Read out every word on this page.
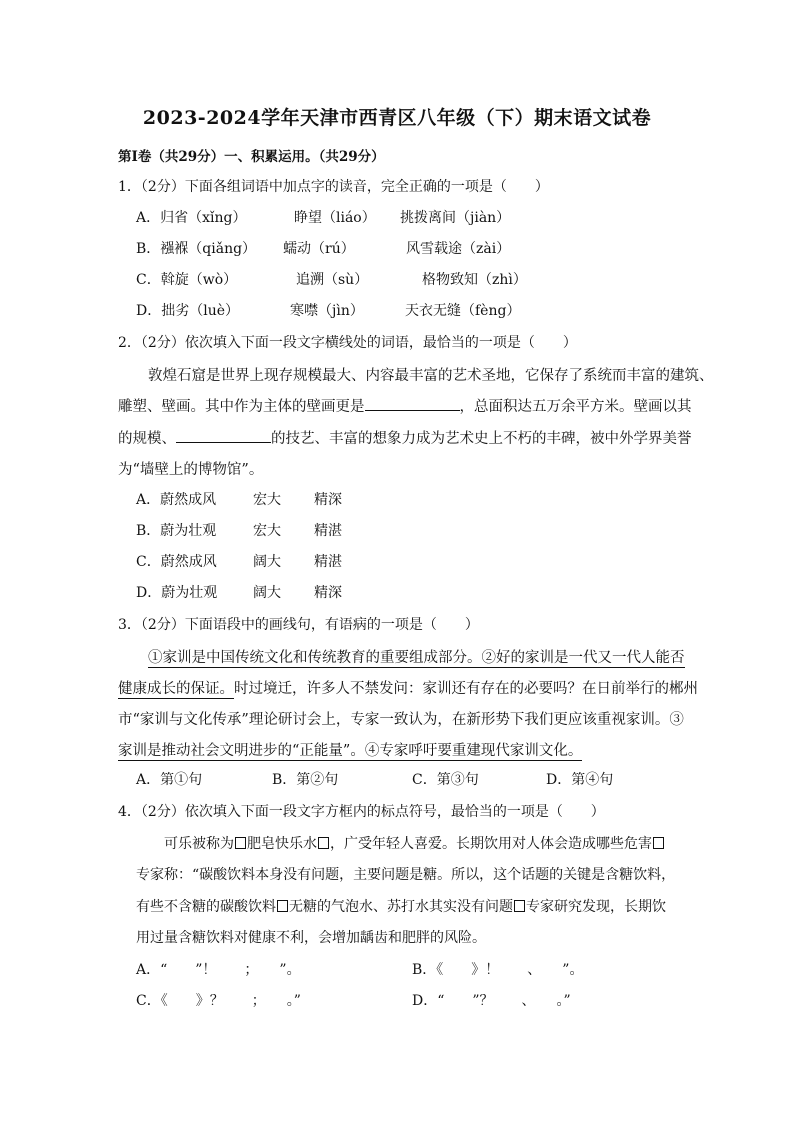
2023-2024学年天津市西青区八年级（下）期末语文试卷
第Ⅰ卷（共29分）一、积累运用。（共29分）
1．（2分）下面各组词语中加点字的读音，完全正确的一项是（　　）
A．归省（xǐng）	睁望（liáo） 挑拨离间（jiàn）
B．襁褓（qiǎng） 蠕动（rú）	风雪载途（zài）
C．斡旋（wò）	追溯（sù）	格物致知（zhì）
D．拙劣（luè）	寒噤（jìn）	天衣无缝（fèng）
2．（2分）依次填入下面一段文字横线处的词语，最恰当的一项是（　　）
敦煌石窟是世界上现存规模最大、内容最丰富的艺术圣地，它保存了系统而丰富的建筑、
雕塑、壁画。其中作为主体的壁画更是	，总面积达五万余平方米。壁画以其
的规模、	的技艺、丰富的想象力成为艺术史上不朽的丰碑，被中外学界美誉
为“墙壁上的博物馆”。
A．蔚然成风	宏大 精深
B．蔚为壮观	宏大 精湛
C．蔚然成风	阔大 精湛
D．蔚为壮观	阔大 精深
3．（2分）下面语段中的画线句，有语病的一项是（　　）
①家训是中国传统文化和传统教育的重要组成部分。②好的家训是一代又一代人能否
健康成长的保证。时过境迁，许多人不禁发问：家训还有存在的必要吗？在日前举行的郴州
市“家训与文化传承”理论研讨会上，专家一致认为，在新形势下我们更应该重视家训。③
家训是推动社会文明进步的“正能量”。④专家呼吁要重建现代家训文化。
A．第①句	B．第②句	C．第③句	D．第④句
4．（2分）依次填入下面一段文字方框内的标点符号，最恰当的一项是（　　）
可乐被称为 肥皂快乐水 ，广受年轻人喜爱。长期饮用对人体会造成哪些危害
专家称：“碳酸饮料本身没有问题，主要问题是糖。所以，这个话题的关键是含糖饮料，
有些不含糖的碳酸饮料 无糖的气泡水、苏打水其实没有问题 专家研究发现，长期饮
用过量含糖饮料对健康不利，会增加龋齿和肥胖的风险。
A．“　　”！　　；　　”。	B．《　　》！　　、　　”。
C．《　　》？　　；　　。”	D．“　　”？　　、　　。”
